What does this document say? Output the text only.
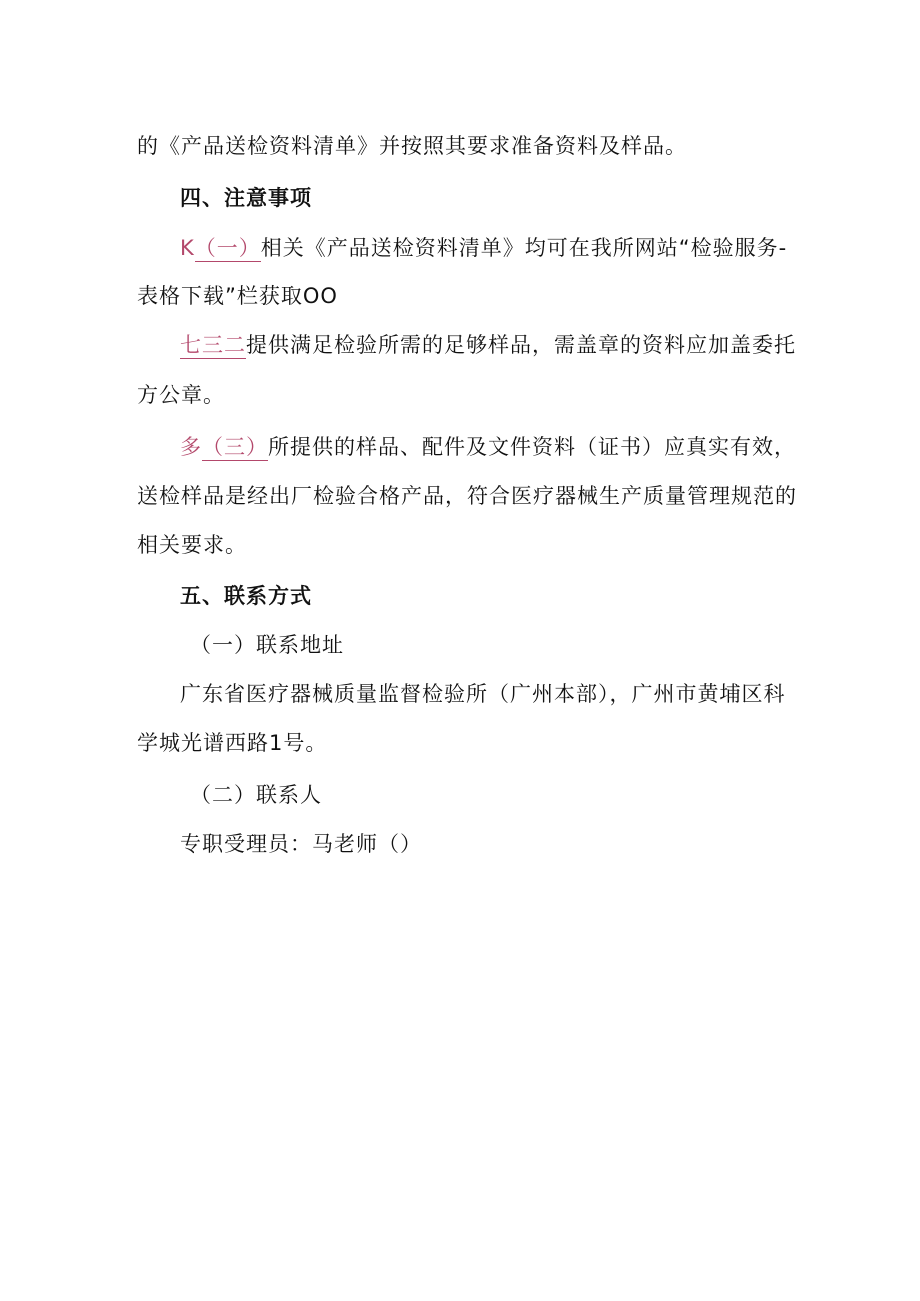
的《产品送检资料清单》并按照其要求准备资料及样品。
四、注意事项
K（一）相关《产品送检资料清单》均可在我所网站“检验服务-
表格下载”栏获取OO
七三二提供满足检验所需的足够样品，需盖章的资料应加盖委托
方公章。
多（三）所提供的样品、配件及文件资料（证书）应真实有效，
送检样品是经出厂检验合格产品，符合医疗器械生产质量管理规范的
相关要求。
五、联系方式
（一）联系地址
广东省医疗器械质量监督检验所（广州本部），广州市黄埔区科
学城光谱西路1号。
（二）联系人
专职受理员：马老师（）
